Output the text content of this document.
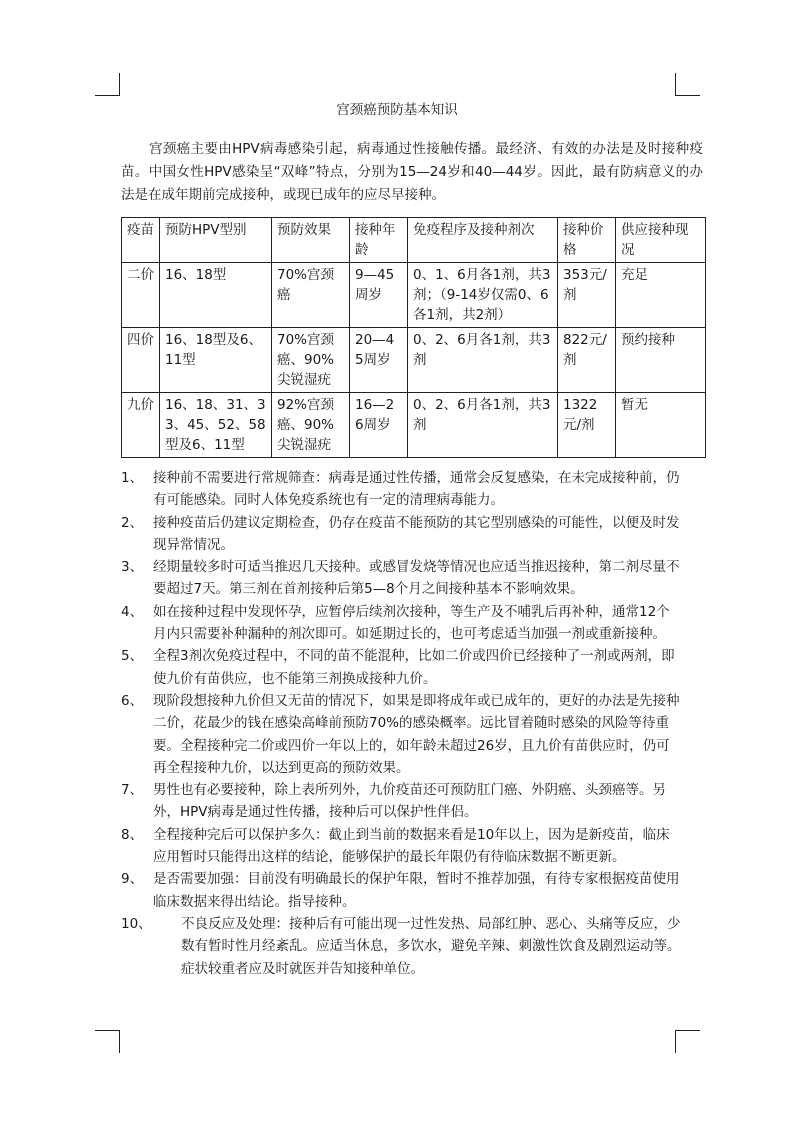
宫颈癌预防基本知识

宫颈癌主要由HPV病毒感染引起，病毒通过性接触传播。最经济、有效的办法是及时接种疫苗。中国女性HPV感染呈“双峰”特点，分别为15—24岁和40—44岁。因此，最有防病意义的办法是在成年期前完成接种，或现已成年的应尽早接种。

疫苗	预防HPV型别	预防效果	接种年龄	免疫程序及接种剂次	接种价格	供应接种现况
二价	16、18型	70%宫颈癌	9—45周岁	0、1、6月各1剂，共3剂；（9-14岁仅需0、6各1剂，共2剂）	353元/剂	充足
四价	16、18型及6、11型	70%宫颈癌、90%尖锐湿疣	20—45周岁	0、2、6月各1剂，共3剂	822元/剂	预约接种
九价	16、18、31、33、45、52、58型及6、11型	92%宫颈癌、90%尖锐湿疣	16—26周岁	0、2、6月各1剂，共3剂	1322元/剂	暂无
1、 接种前不需要进行常规筛查：病毒是通过性传播，通常会反复感染，在未完成接种前，仍有可能感染。同时人体免疫系统也有一定的清理病毒能力。
2、 接种疫苗后仍建议定期检查，仍存在疫苗不能预防的其它型别感染的可能性，以便及时发现异常情况。
3、 经期量较多时可适当推迟几天接种。或感冒发烧等情况也应适当推迟接种，第二剂尽量不要超过7天。第三剂在首剂接种后第5—8个月之间接种基本不影响效果。
4、 如在接种过程中发现怀孕，应暂停后续剂次接种，等生产及不哺乳后再补种，通常12个月内只需要补种漏种的剂次即可。如延期过长的，也可考虑适当加强一剂或重新接种。
5、 全程3剂次免疫过程中，不同的苗不能混种，比如二价或四价已经接种了一剂或两剂，即使九价有苗供应，也不能第三剂换成接种九价。
6、 现阶段想接种九价但又无苗的情况下，如果是即将成年或已成年的，更好的办法是先接种二价，花最少的钱在感染高峰前预防70%的感染概率。远比冒着随时感染的风险等待重要。全程接种完二价或四价一年以上的，如年龄未超过26岁，且九价有苗供应时，仍可再全程接种九价，以达到更高的预防效果。
7、 男性也有必要接种，除上表所列外，九价疫苗还可预防肛门癌、外阴癌、头颈癌等。另外，HPV病毒是通过性传播，接种后可以保护性伴侣。
8、 全程接种完后可以保护多久：截止到当前的数据来看是10年以上，因为是新疫苗，临床应用暂时只能得出这样的结论，能够保护的最长年限仍有待临床数据不断更新。
9、 是否需要加强：目前没有明确最长的保护年限，暂时不推荐加强，有待专家根据疫苗使用临床数据来得出结论。指导接种。
10、	不良反应及处理：接种后有可能出现一过性发热、局部红肿、恶心、头痛等反应，少数有暂时性月经紊乱。应适当休息，多饮水，避免辛辣、刺激性饮食及剧烈运动等。症状较重者应及时就医并告知接种单位。
